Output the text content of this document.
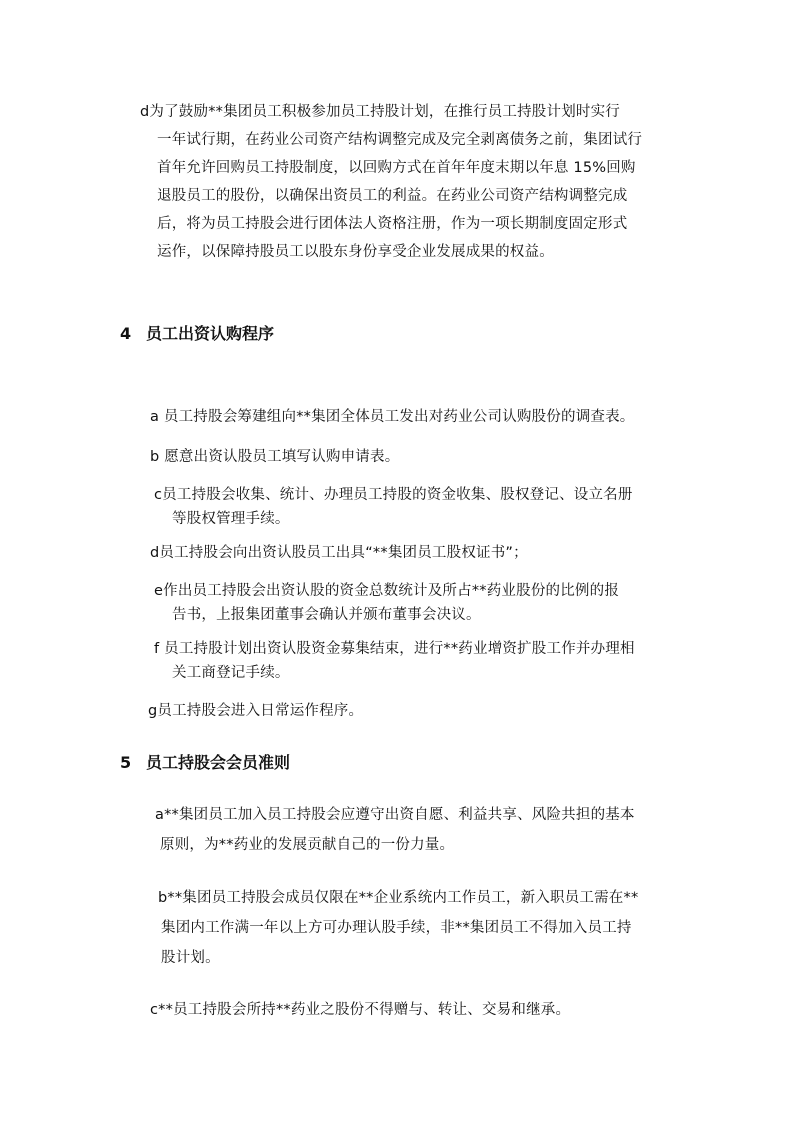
d为了鼓励**集团员工积极参加员工持股计划，在推行员工持股计划时实行
一年试行期，在药业公司资产结构调整完成及完全剥离债务之前，集团试行
首年允许回购员工持股制度，以回购方式在首年年度末期以年息 15%回购
退股员工的股份，以确保出资员工的利益。在药业公司资产结构调整完成
后，将为员工持股会进行团体法人资格注册，作为一项长期制度固定形式
运作，以保障持股员工以股东身份享受企业发展成果的权益。
4 员工出资认购程序
a 员工持股会筹建组向**集团全体员工发出对药业公司认购股份的调查表。
b 愿意出资认股员工填写认购申请表。
c员工持股会收集、统计、办理员工持股的资金收集、股权登记、设立名册
等股权管理手续。
d员工持股会向出资认股员工出具“**集团员工股权证书”；
e作出员工持股会出资认股的资金总数统计及所占**药业股份的比例的报
告书，上报集团董事会确认并颁布董事会决议。
f 员工持股计划出资认股资金募集结束，进行**药业增资扩股工作并办理相
关工商登记手续。
g员工持股会进入日常运作程序。
5 员工持股会会员准则
a**集团员工加入员工持股会应遵守出资自愿、利益共享、风险共担的基本
原则，为**药业的发展贡献自己的一份力量。
b**集团员工持股会成员仅限在**企业系统内工作员工，新入职员工需在**
集团内工作满一年以上方可办理认股手续，非**集团员工不得加入员工持
股计划。
c**员工持股会所持**药业之股份不得赠与、转让、交易和继承。
